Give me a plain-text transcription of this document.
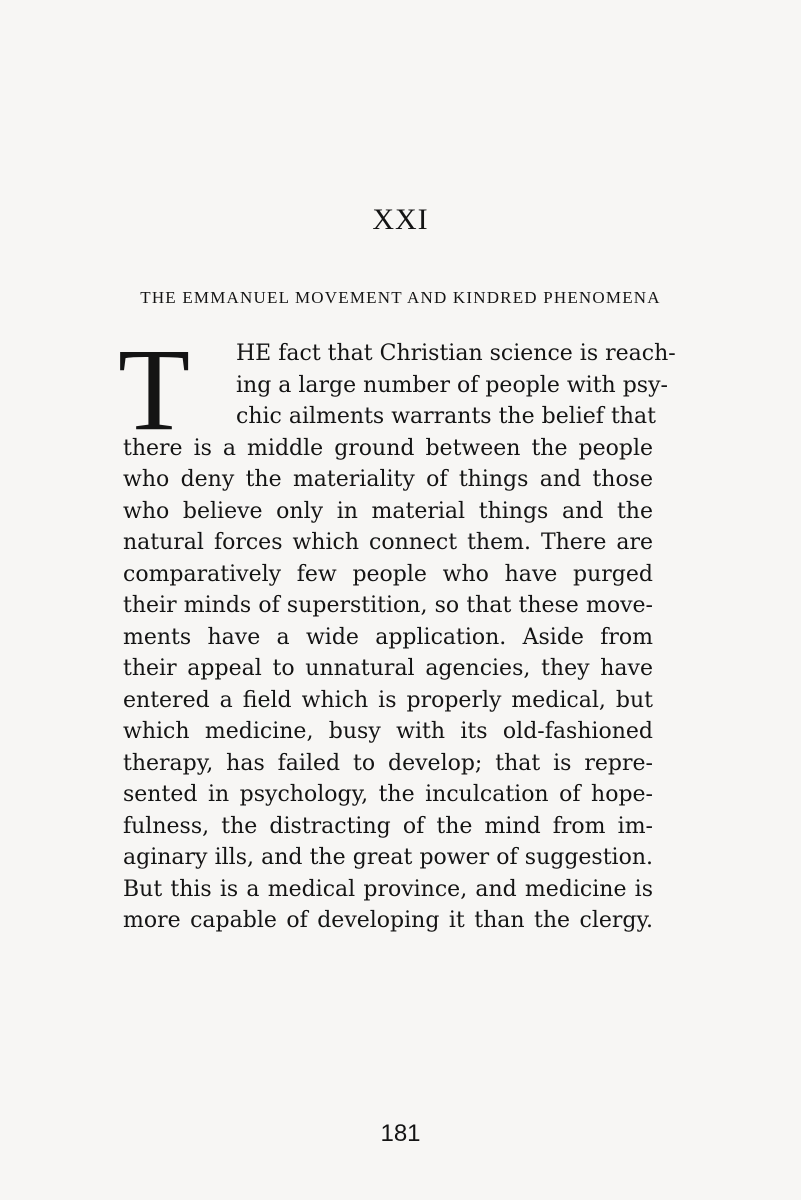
XXI
THE EMMANUEL MOVEMENT AND KINDRED PHENOMENA
T	HE fact that Christian science is reach-
ing a large number of people with psy-
chic ailments warrants the belief that
there is a middle ground between the people
who deny the materiality of things and those
who believe only in material things and the
natural forces which connect them. There are
comparatively few people who have purged
their minds of superstition, so that these move-
ments have a wide application. Aside from
their appeal to unnatural agencies, they have
entered a field which is properly medical, but
which medicine, busy with its old-fashioned
therapy, has failed to develop; that is repre-
sented in psychology, the inculcation of hope-
fulness, the distracting of the mind from im-
aginary ills, and the great power of suggestion.
But this is a medical province, and medicine is
more capable of developing it than the clergy.
181
